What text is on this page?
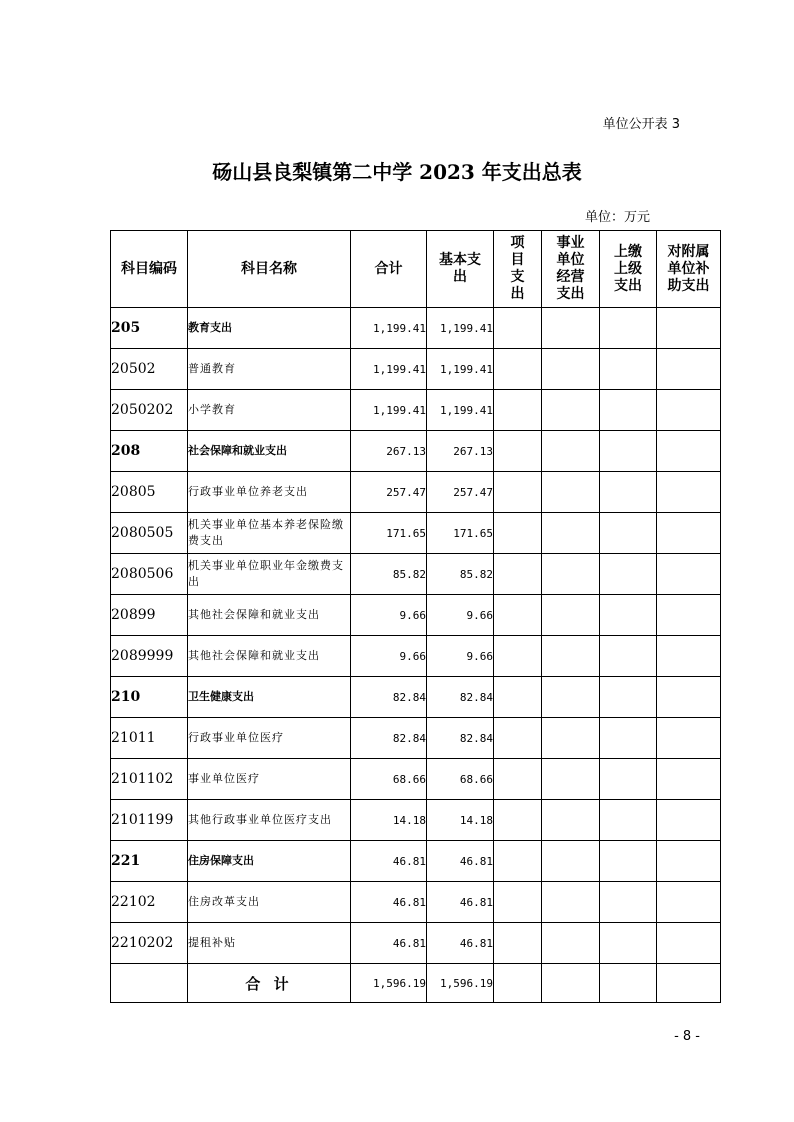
单位公开表 3
砀山县良梨镇第二中学 2023 年支出总表
单位：万元
科目编码	科目名称	合计	基本支出	项目支出	事业单位经营支出	上缴上级支出	对附属单位补助支出
205	教育支出	1,199.41	1,199.41				
20502	普通教育	1,199.41	1,199.41				
2050202	小学教育	1,199.41	1,199.41				
208	社会保障和就业支出	267.13	267.13				
20805	行政事业单位养老支出	257.47	257.47				
2080505	机关事业单位基本养老保险缴费支出	171.65	171.65				
2080506	机关事业单位职业年金缴费支出	85.82	85.82				
20899	其他社会保障和就业支出	9.66	9.66				
2089999	其他社会保障和就业支出	9.66	9.66				
210	卫生健康支出	82.84	82.84				
21011	行政事业单位医疗	82.84	82.84				
2101102	事业单位医疗	68.66	68.66				
2101199	其他行政事业单位医疗支出	14.18	14.18				
221	住房保障支出	46.81	46.81				
22102	住房改革支出	46.81	46.81				
2210202	提租补贴	46.81	46.81				
	合 计	1,596.19	1,596.19				
- 8 -
